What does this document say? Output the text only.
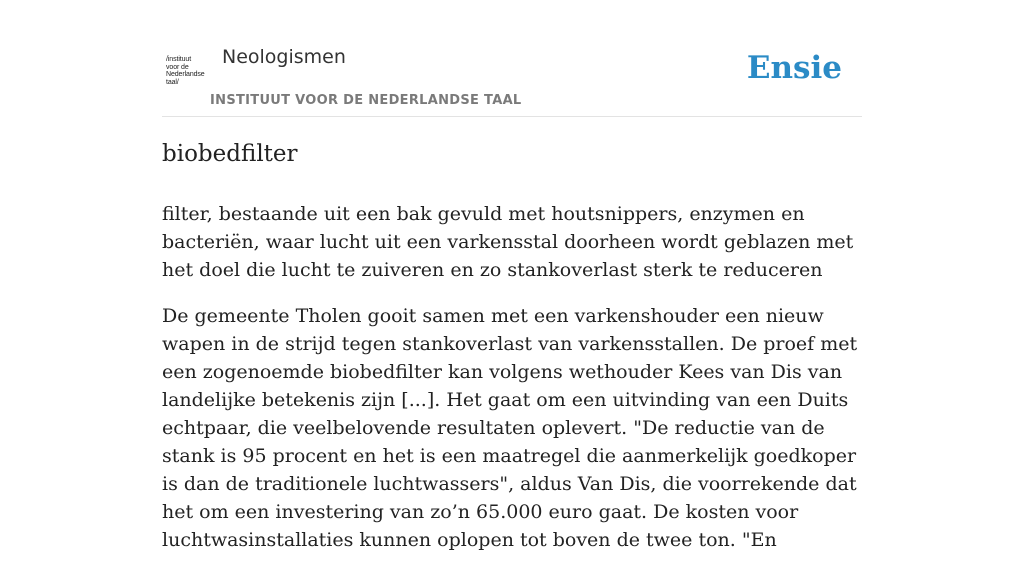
/instituut
voor de
Nederlandse
taal/
Neologismen
INSTITUUT VOOR DE NEDERLANDSE TAAL
Ensie
biobedfilter

filter, bestaande uit een bak gevuld met houtsnippers, enzymen en bacteriën, waar lucht uit een varkensstal doorheen wordt geblazen met het doel die lucht te zuiveren en zo stankoverlast sterk te reduceren

De gemeente Tholen gooit samen met een varkenshouder een nieuw wapen in de strijd tegen stankoverlast van varkensstallen. De proef met een zogenoemde biobedfilter kan volgens wethouder Kees van Dis van landelijke betekenis zijn [...]. Het gaat om een uitvinding van een Duits echtpaar, die veelbelovende resultaten oplevert. "De reductie van de stank is 95 procent en het is een maatregel die aanmerkelijk goedkoper is dan de traditionele luchtwassers", aldus Van Dis, die voorrekende dat het om een investering van zo’n 65.000 euro gaat. De kosten voor luchtwasinstallaties kunnen oplopen tot boven de twee ton. "En
